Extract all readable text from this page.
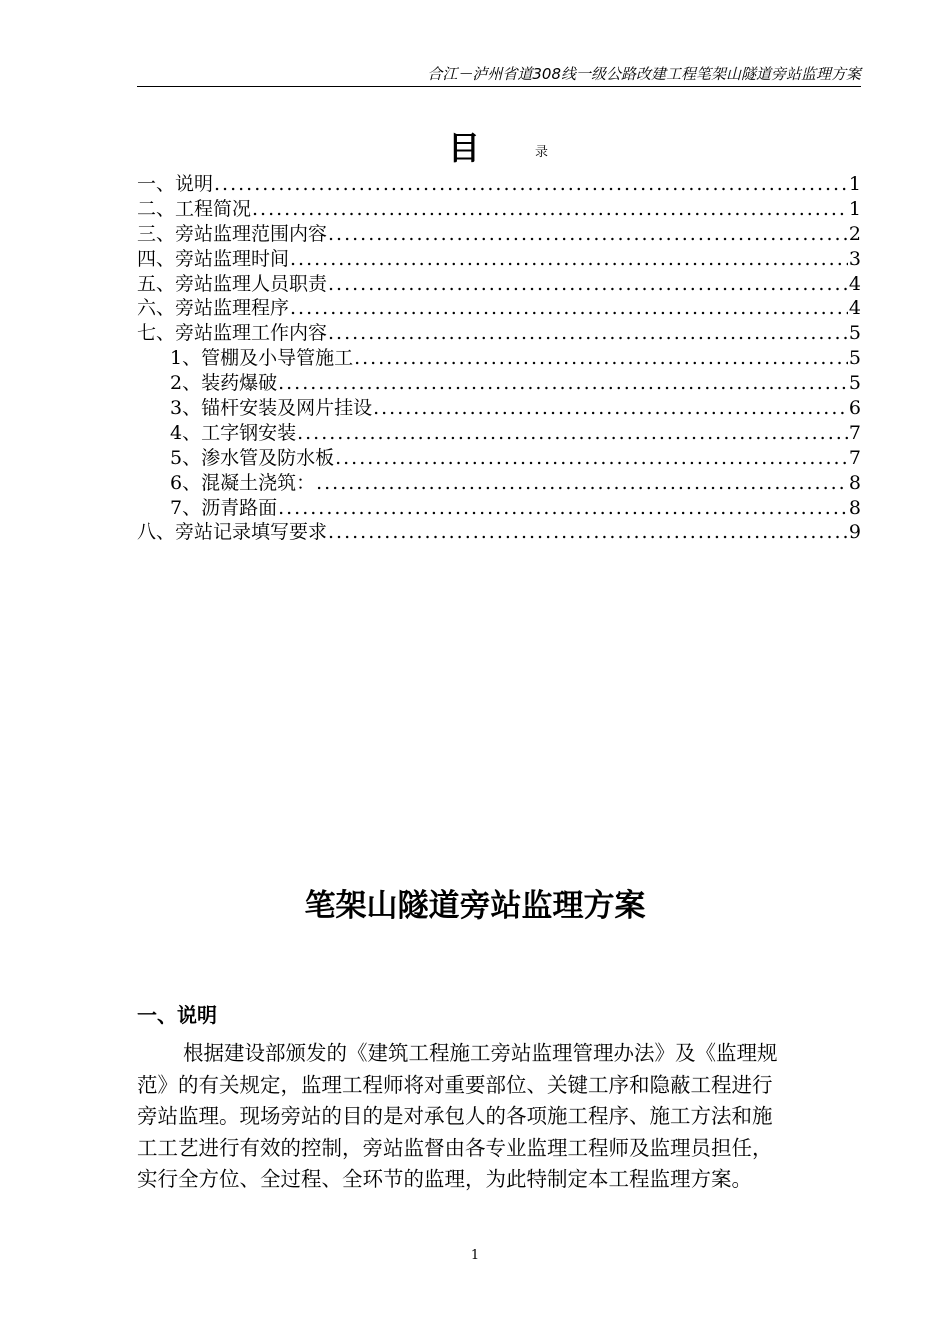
合江－泸州省道308线一级公路改建工程笔架山隧道旁站监理方案
目	录
一、说明 .....	1
二、工程简况 .....	1
三、旁站监理范围内容 .....	2
四、旁站监理时间 .....	3
五、旁站监理人员职责 .....	4
六、旁站监理程序 .....	4
七、旁站监理工作内容 .....	5
1、管棚及小导管施工 .....	5
2、装药爆破 .....	5
3、锚杆安装及网片挂设 .....	6
4、工字钢安装 .....	7
5、渗水管及防水板 .....	7
6、混凝土浇筑： .....	8
7、沥青路面 .....	8
八、旁站记录填写要求 .....	9
笔架山隧道旁站监理方案
一、说明
根据建设部颁发的《建筑工程施工旁站监理管理办法》及《监理规
范》的有关规定，监理工程师将对重要部位、关键工序和隐蔽工程进行
旁站监理。现场旁站的目的是对承包人的各项施工程序、施工方法和施
工工艺进行有效的控制，旁站监督由各专业监理工程师及监理员担任，
实行全方位、全过程、全环节的监理，为此特制定本工程监理方案。
1
